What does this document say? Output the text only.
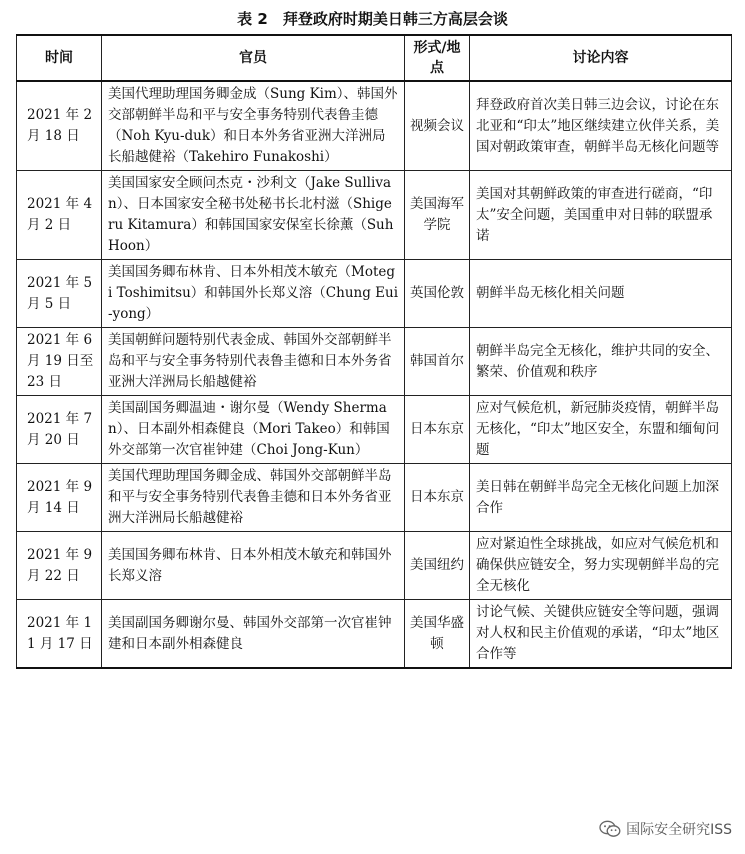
表 2　拜登政府时期美日韩三方高层会谈
时间	官员	形式/地点	讨论内容
2021 年 2 月 18 日	美国代理助理国务卿金成（Sung Kim）、韩国外交部朝鲜半岛和平与安全事务特别代表鲁圭德（Noh Kyu-duk）和日本外务省亚洲大洋洲局长船越健裕（Takehiro Funakoshi）	视频会议	拜登政府首次美日韩三边会议，讨论在东北亚和“印太”地区继续建立伙伴关系，美国对朝政策审查，朝鲜半岛无核化问题等
2021 年 4 月 2 日	美国国家安全顾问杰克・沙利文（Jake Sullivan）、日本国家安全秘书处秘书长北村滋（Shigeru Kitamura）和韩国国家安保室长徐薰（Suh Hoon）	美国海军学院	美国对其朝鲜政策的审查进行磋商，“印太”安全问题，美国重申对日韩的联盟承诺
2021 年 5 月 5 日	美国国务卿布林肯、日本外相茂木敏充（Motegi Toshimitsu）和韩国外长郑义溶（Chung Eui-yong）	英国伦敦	朝鲜半岛无核化相关问题
2021 年 6 月 19 日至 23 日	美国朝鲜问题特别代表金成、韩国外交部朝鲜半岛和平与安全事务特别代表鲁圭德和日本外务省亚洲大洋洲局长船越健裕	韩国首尔	朝鲜半岛完全无核化，维护共同的安全、繁荣、价值观和秩序
2021 年 7 月 20 日	美国副国务卿温迪・谢尔曼（Wendy Sherman）、日本副外相森健良（Mori Takeo）和韩国外交部第一次官崔钟建（Choi Jong-Kun）	日本东京	应对气候危机，新冠肺炎疫情，朝鲜半岛无核化，“印太”地区安全，东盟和缅甸问题
2021 年 9 月 14 日	美国代理助理国务卿金成、韩国外交部朝鲜半岛和平与安全事务特别代表鲁圭德和日本外务省亚洲大洋洲局长船越健裕	日本东京	美日韩在朝鲜半岛完全无核化问题上加深合作
2021 年 9 月 22 日	美国国务卿布林肯、日本外相茂木敏充和韩国外长郑义溶	美国纽约	应对紧迫性全球挑战，如应对气候危机和确保供应链安全，努力实现朝鲜半岛的完全无核化
2021 年 11 月 17 日	美国副国务卿谢尔曼、韩国外交部第一次官崔钟建和日本副外相森健良	美国华盛顿	讨论气候、关键供应链安全等问题，强调对人权和民主价值观的承诺，“印太”地区合作等
国际安全研究ISS
